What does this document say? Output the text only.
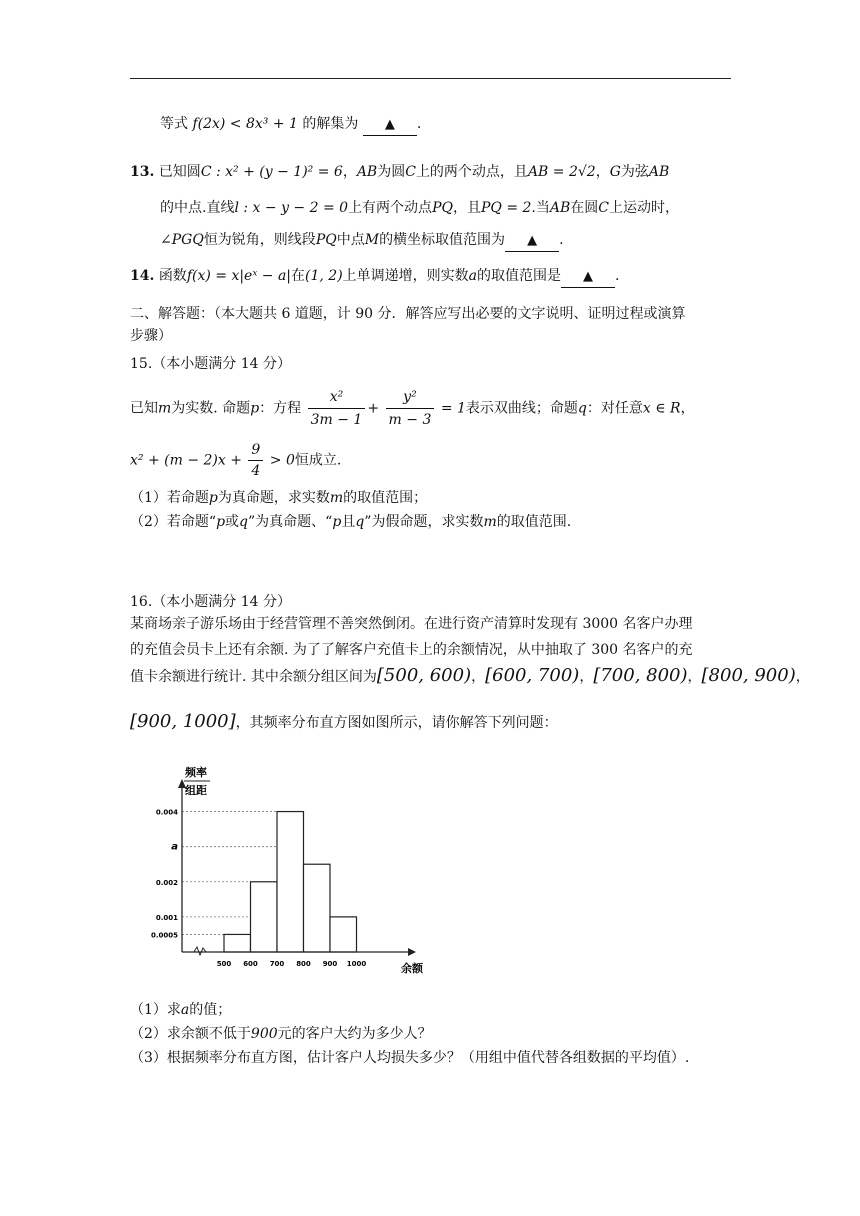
等式 f(2x) < 8x³ + 1 的解集为 ▲ .
13. 已知圆C : x² + (y − 1)² = 6，AB为圆C上的两个动点，且AB = 2√2，G为弦AB
的中点.直线l : x − y − 2 = 0上有两个动点PQ，且PQ = 2.当AB在圆C上运动时，
∠PGQ恒为锐角，则线段PQ中点M的横坐标取值范围为 ▲ .
14. 函数f(x) = x|eˣ − a|在(1, 2)上单调递增，则实数a的取值范围是 ▲ .
二、解答题：（本大题共 6 道题，计 90 分．解答应写出必要的文字说明、证明过程或演算
步骤）
15.（本小题满分 14 分）
已知m为实数. 命题p：方程 $\frac{\text{x²}}{3m - 1} + \frac{\text{y²}}{m - 3} = 1$表示双曲线；命题q：对任意x ∈ R，
$x^2 + (m - 2)x + \frac{9}{4} > 0$恒成立.
（1）若命题p为真命题，求实数m的取值范围；
（2）若命题“p或q”为真命题、“p且q”为假命题，求实数m的取值范围.
16.（本小题满分 14 分）
某商场亲子游乐场由于经营管理不善突然倒闭。在进行资产清算时发现有 3000 名客户办理
的充值会员卡上还有余额. 为了了解客户充值卡上的余额情况，从中抽取了 300 名客户的充
值卡余额进行统计. 其中余额分组区间为[500, 600)，[600, 700)，[700, 800)，[800, 900)，
[900, 1000]，其频率分布直方图如图所示，请你解答下列问题：
0.004
a
0.002
0.001
0.0005
500 600 700 800 900 1000	余额
频率
组距
（1）求a的值；
（2）求余额不低于900元的客户大约为多少人？
（3）根据频率分布直方图，估计客户人均损失多少？（用组中值代替各组数据的平均值）.
